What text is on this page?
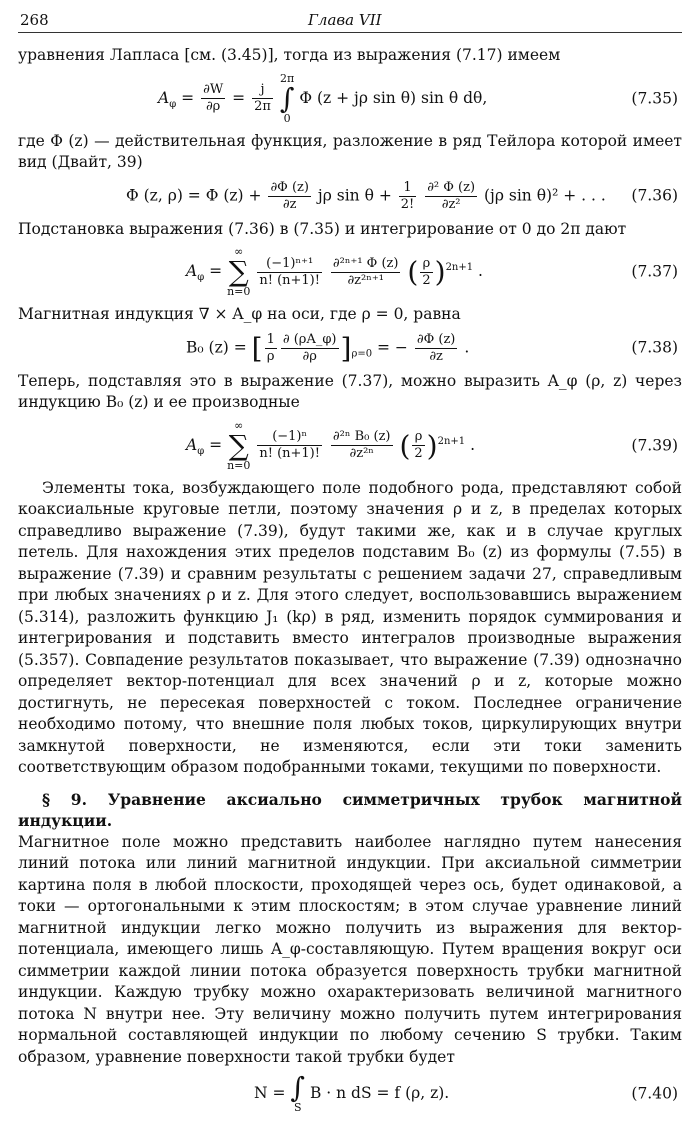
268	Глава VII

уравнения Лапласа [см. (3.45)], тогда из выражения (7.17) имеем

$A_\varphi = \frac{\partial W}{\partial\rho} = \frac{j}{2\pi}$
2π
∫
0 Φ (z + jρ sin θ) sin θ dθ,	(7.35)

где Φ (z) — действительная функция, разложение в ряд Тейлора которой имеет вид (Двайт, 39)

Φ (z, ρ) = Φ $(z) + \frac{\partial\Phi (z)}{\partial z}$ jρ $\sin \theta + \frac{1}{2!}$
$\frac{\text{∂² Φ (z)}}{\text{∂z²}} (j\rho$ sin θ)² + . . .	(7.36)

Подстановка выражения (7.36) в (7.35) и интегрирование от 0 до 2π дают

$A_\varphi$ = ∞
∑
n=0
$\frac{\text{(−1)ⁿ⁺¹}}{n! (n+1)!}$
$\frac{\text{∂²ⁿ⁺¹ Φ (z)}}{\text{∂z²ⁿ⁺¹}}$ ( $\frac{\rho}{2} )^{2n+1}$ .	(7.37)

Магнитная индукция ∇ × A_φ на оси, где ρ = 0, равна

B₀ (z) = [ $\frac{1}{\rho} \frac{\partial (\rho A\_\varphi)}{\partial\rho} ]_{\rho=0}$ = − $\frac{\partial\Phi (z)}{\partial z}$ .	(7.38)

Теперь, подставляя это в выражение (7.37), можно выразить A_φ (ρ, z) через индукцию B₀ (z) и ее производные

$A_\varphi$ = ∞
∑
n=0
$\frac{\text{(−1)ⁿ}}{n! (n+1)!}$
$\frac{\text{∂²ⁿ B₀ (z)}}{\text{∂z²ⁿ}}$ ( $\frac{\rho}{2} )^{2n+1}$ .	(7.39)

Элементы тока, возбуждающего поле подобного рода, представляют собой коаксиальные круговые петли, поэтому значения ρ и z, в пределах которых справедливо выражение (7.39), будут такими же, как и в случае круглых петель. Для нахождения этих пределов подставим B₀ (z) из формулы (7.55) в выражение (7.39) и сравним результаты с решением задачи 27, справедливым при любых значениях ρ и z. Для этого следует, воспользовавшись выражением (5.314), разложить функцию J₁ (kρ) в ряд, изменить порядок суммирования и интегрирования и подставить вместо интегралов производные выражения (5.357). Совпадение результатов показывает, что выражение (7.39) однозначно определяет вектор-потенциал для всех значений ρ и z, которые можно достигнуть, не пересекая поверхностей с током. Последнее ограничение необходимо потому, что внешние поля любых токов, циркулирующих внутри замкнутой поверхности, не изменяются, если эти токи заменить соответствующим образом подобранными токами, текущими по поверхности.

§ 9. Уравнение аксиально симметричных трубок магнитной индукции.

Магнитное поле можно представить наиболее наглядно путем нанесения линий потока или линий магнитной индукции. При аксиальной симметрии картина поля в любой плоскости, проходящей через ось, будет одинаковой, а токи — ортогональными к этим плоскостям; в этом случае уравнение линий магнитной индукции легко можно получить из выражения для вектор-потенциала, имеющего лишь A_φ-составляющую. Путем вращения вокруг оси симметрии каждой линии потока образуется поверхность трубки магнитной индукции. Каждую трубку можно охарактеризовать величиной магнитного потока N внутри нее. Эту величину можно получить путем интегрирования нормальной составляющей индукции по любому сечению S трубки. Таким образом, уравнение поверхности такой трубки будет

N = ∫
S B · n dS = f (ρ, z).	(7.40)
